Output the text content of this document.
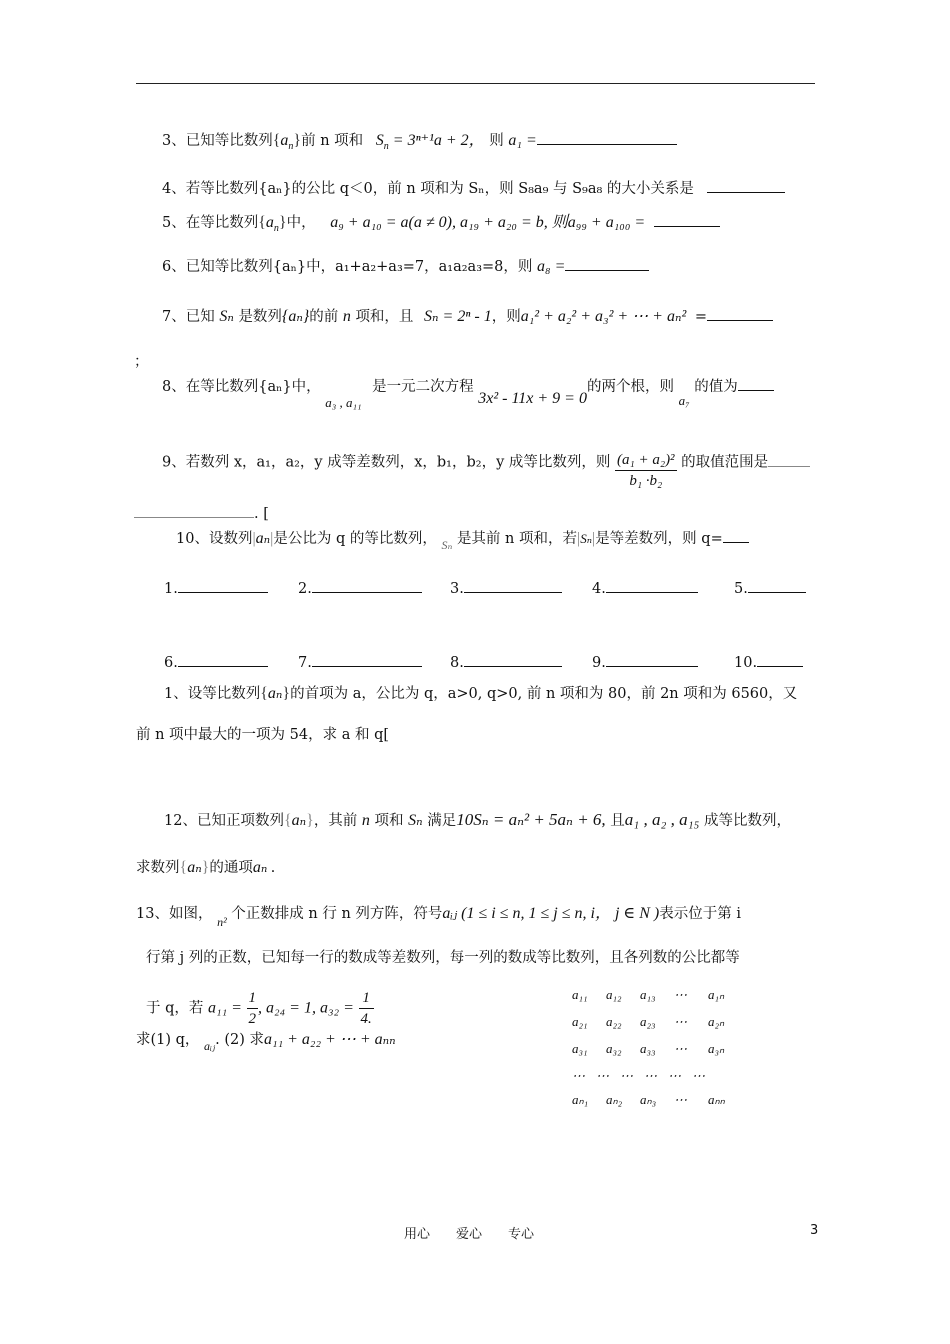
3、已知等比数列$\{a_n\}$前 n 项和 $S_n = 3^{n+1}a + 2$， 则 a₁ =
4、若等比数列{aₙ}的公比 q＜0，前 n 项和为 Sₙ，则 S₈a₉ 与 S₉a₈ 的大小关系是
5、在等比数列$\{a_n\}$中， a₉ + a₁₀ = a(a ≠ 0), a₁₉ + a₂₀ = b, 则a₉₉ + a₁₀₀ =
6、已知等比数列{aₙ}中，a₁+a₂+a₃=7，a₁a₂a₃=8，则 a₈ =
7、已知 Sₙ 是数列{aₙ}的前 n 项和，且 Sₙ = 2ⁿ - 1，则a₁² + a₂² + a₃² + ⋯ + aₙ² =
；
8、在等比数列{aₙ}中， a₃ , a₁₁ 是一元二次方程 3x² - 11x + 9 = 0的两个根，则 a₇ 的值为
9、若数列 x，a₁，a₂，y 成等差数列，x，b₁，b₂，y 成等比数列，则 $\frac{\text{(a₁ + a₂)²}}{\text{b₁ ·b₂}}$ 的取值范围是
. [
10、设数列|aₙ|是公比为 q 的等比数列， $_{S_n}$ 是其前 n 项和，若|Sₙ|是等差数列，则 q=
1.	2.	3.	4.	5.
6.	7.	8.	9.	10.
1、设等比数列{aₙ}的首项为 a，公比为 q，a>0, q>0, 前 n 项和为 80，前 2n 项和为 6560，又
前 n 项中最大的一项为 54，求 a 和 q[
12、已知正项数列{aₙ}，其前 n 项和 Sₙ 满足10Sₙ = aₙ² + 5aₙ + 6, 且a₁ , a₂ , a₁₅ 成等比数列，
求数列{aₙ}的通项aₙ .
13、如图， $_{n^2}$ 个正数排成 n 行 n 列方阵，符号aᵢⱼ (1 ≤ i ≤ n, 1 ≤ j ≤ n, i， j ∈ N )表示位于第 i
行第 j 列的正数，已知每一行的数成等差数列，每一列的数成等比数列，且各列数的公比都等
于 q，若 $a_{11} = \frac{1}{2}$ , a₂₄ = 1, $a_{32} = \frac{1}{4.}$
求(1) q， $_{aᵢⱼ}$. (2) 求a₁₁ + a₂₂ + ⋯ + aₙₙ
a₁₁ a₁₂ a₁₃ ⋯ a₁ₙ
a₂₁ a₂₂ a₂₃ ⋯ a₂ₙ
a₃₁ a₃₂ a₃₃ ⋯ a₃ₙ
⋯ ⋯ ⋯ ⋯ ⋯ ⋯
aₙ₁ aₙ₂ aₙ₃ ⋯ aₙₙ
用心　　爱心　　专心	3
